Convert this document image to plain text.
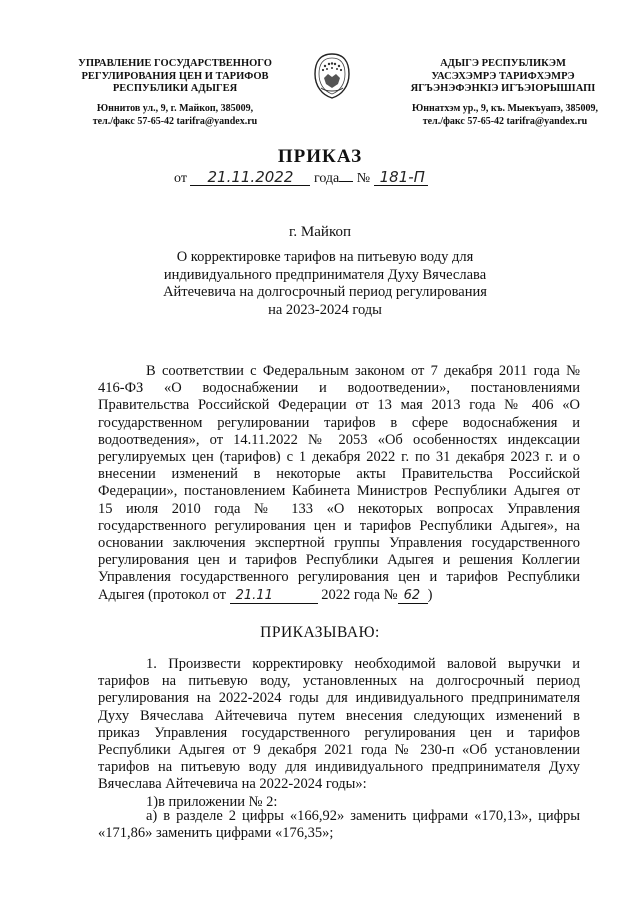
УПРАВЛЕНИЕ ГОСУДАРСТВЕННОГО
РЕГУЛИРОВАНИЯ ЦЕН И ТАРИФОВ
РЕСПУБЛИКИ АДЫГЕЯ
Юннитов ул., 9, г. Майкоп, 385009,
тел./факс 57-65-42 tarifra@yandex.ru
АДЫГЭ РЕСПУБЛИКЭМ
УАСЭХЭМРЭ ТАРИФХЭМРЭ
ЯГЪЭНЭФЭНКІЭ ИГЪЭІОРЫШІАПІ
Юннатхэм ур., 9, къ. Мыекъуапэ, 385009,
тел./факс 57-65-42 tarifra@yandex.ru
ПРИКАЗ
от 21.11.2022 года № 181-П
г. Майкоп
О корректировке тарифов на питьевую воду для
индивидуального предпринимателя Духу Вячеслава
Айтечевича на долгосрочный период регулирования
на 2023-2024 годы
В соответствии с Федеральным законом от 7 декабря 2011 года №
416-ФЗ «О водоснабжении и водоотведении», постановлениями
Правительства Российской Федерации от 13 мая 2013 года № 406 «О
государственном регулировании тарифов в сфере водоснабжения и
водоотведения», от 14.11.2022 № 2053 «Об особенностях индексации
регулируемых цен (тарифов) с 1 декабря 2022 г. по 31 декабря 2023 г. и о
внесении изменений в некоторые акты Правительства Российской
Федерации», постановлением Кабинета Министров Республики Адыгея от
15 июля 2010 года № 133 «О некоторых вопросах Управления
государственного регулирования цен и тарифов Республики Адыгея», на
основании заключения экспертной группы Управления государственного
регулирования цен и тарифов Республики Адыгея и решения Коллегии
Управления государственного регулирования цен и тарифов Республики
Адыгея (протокол от 21.11	2022 года № 62 )
ПРИКАЗЫВАЮ:
1. Произвести корректировку необходимой валовой выручки и
тарифов на питьевую воду, установленных на долгосрочный период
регулирования на 2022-2024 годы для индивидуального предпринимателя
Духу Вячеслава Айтечевича путем внесения следующих изменений в
приказ Управления государственного регулирования цен и тарифов
Республики Адыгея от 9 декабря 2021 года № 230-п «Об установлении
тарифов на питьевую воду для индивидуального предпринимателя Духу
Вячеслава Айтечевича на 2022-2024 годы»:
1)в приложении № 2:
а) в разделе 2 цифры «166,92» заменить цифрами «170,13», цифры
«171,86» заменить цифрами «176,35»;
